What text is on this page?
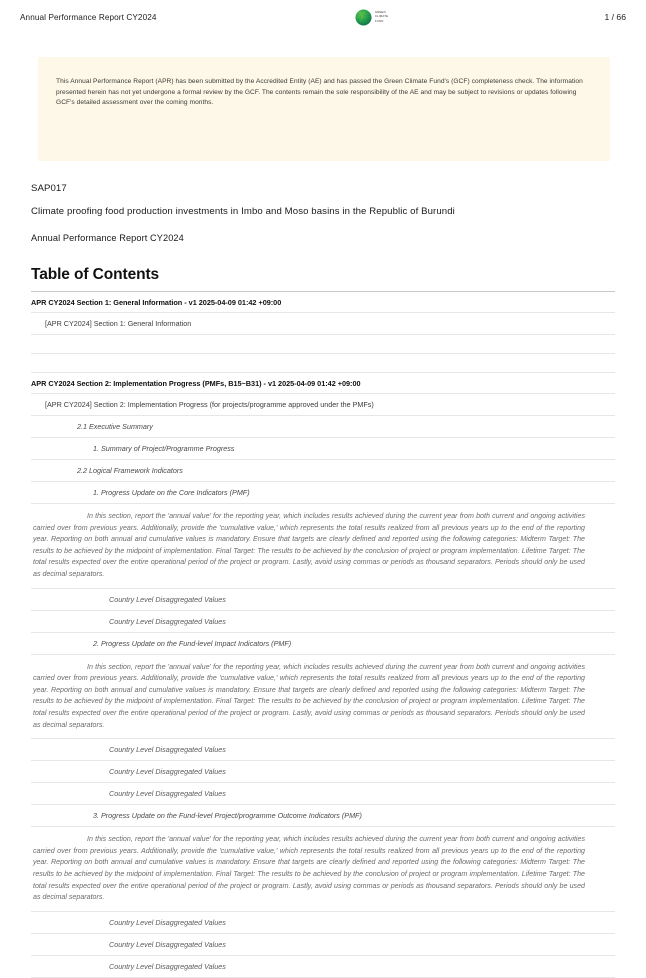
Annual Performance Report CY2024
GREEN
CLIMATE
FUND	1 / 66
This Annual Performance Report (APR) has been submitted by the Accredited Entity (AE) and has passed the Green Climate Fund's (GCF) completeness check. The information presented herein has not yet undergone a formal review by the GCF. The contents remain the sole responsibility of the AE and may be subject to revisions or updates following GCF's detailed assessment over the coming months.
SAP017
Climate proofing food production investments in Imbo and Moso basins in the Republic of Burundi
Annual Performance Report CY2024
Table of Contents
APR CY2024 Section 1: General Information - v1 2025-04-09 01:42 +09:00
[APR CY2024] Section 1: General Information
APR CY2024 Section 2: Implementation Progress (PMFs, B15~B31) - v1 2025-04-09 01:42 +09:00
[APR CY2024] Section 2: Implementation Progress (for projects/programme approved under the PMFs)
2.1 Executive Summary
1. Summary of Project/Programme Progress
2.2 Logical Framework Indicators
1. Progress Update on the Core Indicators (PMF)
In this section, report the 'annual value' for the reporting year, which includes results achieved during the current year from both current and ongoing activities carried over from previous years. Additionally, provide the 'cumulative value,' which represents the total results realized from all previous years up to the end of the reporting year. Reporting on both annual and cumulative values is mandatory. Ensure that targets are clearly defined and reported using the following categories: Midterm Target: The results to be achieved by the midpoint of implementation. Final Target: The results to be achieved by the conclusion of project or program implementation. Lifetime Target: The total results expected over the entire operational period of the project or program. Lastly, avoid using commas or periods as thousand separators. Periods should only be used as decimal separators.
Country Level Disaggregated Values
Country Level Disaggregated Values
2. Progress Update on the Fund-level Impact Indicators (PMF)
In this section, report the 'annual value' for the reporting year, which includes results achieved during the current year from both current and ongoing activities carried over from previous years. Additionally, provide the 'cumulative value,' which represents the total results realized from all previous years up to the end of the reporting year. Reporting on both annual and cumulative values is mandatory. Ensure that targets are clearly defined and reported using the following categories: Midterm Target: The results to be achieved by the midpoint of implementation. Final Target: The results to be achieved by the conclusion of project or program implementation. Lifetime Target: The total results expected over the entire operational period of the project or program. Lastly, avoid using commas or periods as thousand separators. Periods should only be used as decimal separators.
Country Level Disaggregated Values
Country Level Disaggregated Values
Country Level Disaggregated Values
3. Progress Update on the Fund-level Project/programme Outcome Indicators (PMF)
In this section, report the 'annual value' for the reporting year, which includes results achieved during the current year from both current and ongoing activities carried over from previous years. Additionally, provide the 'cumulative value,' which represents the total results realized from all previous years up to the end of the reporting year. Reporting on both annual and cumulative values is mandatory. Ensure that targets are clearly defined and reported using the following categories: Midterm Target: The results to be achieved by the midpoint of implementation. Final Target: The results to be achieved by the conclusion of project or program implementation. Lifetime Target: The total results expected over the entire operational period of the project or program. Lastly, avoid using commas or periods as thousand separators. Periods should only be used as decimal separators.
Country Level Disaggregated Values
Country Level Disaggregated Values
Country Level Disaggregated Values
